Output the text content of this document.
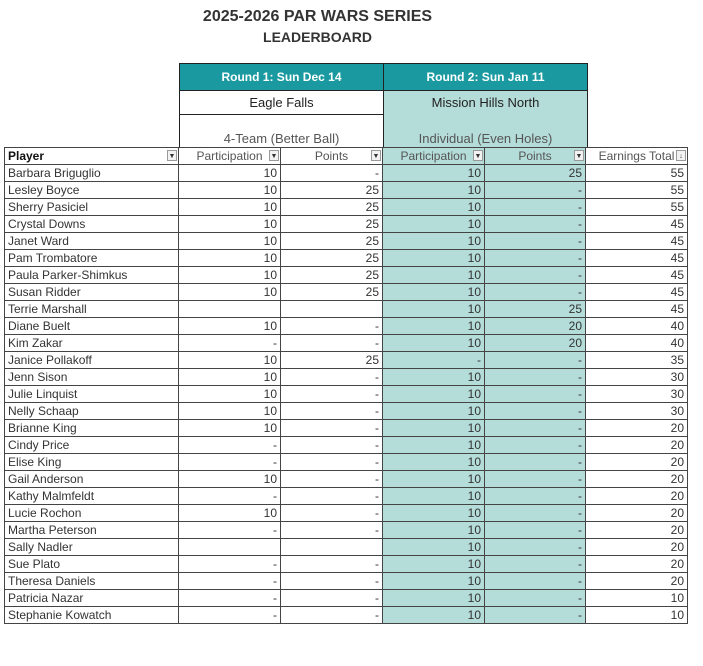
2025-2026 PAR WARS SERIES
LEADERBOARD
Round 1: Sun Dec 14	Round 2: Sun Jan 11
Eagle Falls	Mission Hills North
4-Team (Better Ball)	Individual (Even Holes)
Player ▼	Participation ▼	Points ▼	Participation ▼	Points ▼	Earnings Total ↓

Barbara Briguglio	10	-	10	25	55
Lesley Boyce	10	25	10	-	55
Sherry Pasiciel	10	25	10	-	55
Crystal Downs	10	25	10	-	45
Janet Ward	10	25	10	-	45
Pam Trombatore	10	25	10	-	45
Paula Parker-Shimkus	10	25	10	-	45
Susan Ridder	10	25	10	-	45
Terrie Marshall			10	25	45
Diane Buelt	10	-	10	20	40
Kim Zakar	-	-	10	20	40
Janice Pollakoff	10	25	-	-	35
Jenn Sison	10	-	10	-	30
Julie Linquist	10	-	10	-	30
Nelly Schaap	10	-	10	-	30
Brianne King	10	-	10	-	20
Cindy Price	-	-	10	-	20
Elise King	-	-	10	-	20
Gail Anderson	10	-	10	-	20
Kathy Malmfeldt	-	-	10	-	20
Lucie Rochon	10	-	10	-	20
Martha Peterson	-	-	10	-	20
Sally Nadler			10	-	20
Sue Plato	-	-	10	-	20
Theresa Daniels	-	-	10	-	20
Patricia Nazar	-	-	10	-	10
Stephanie Kowatch	-	-	10	-	10
